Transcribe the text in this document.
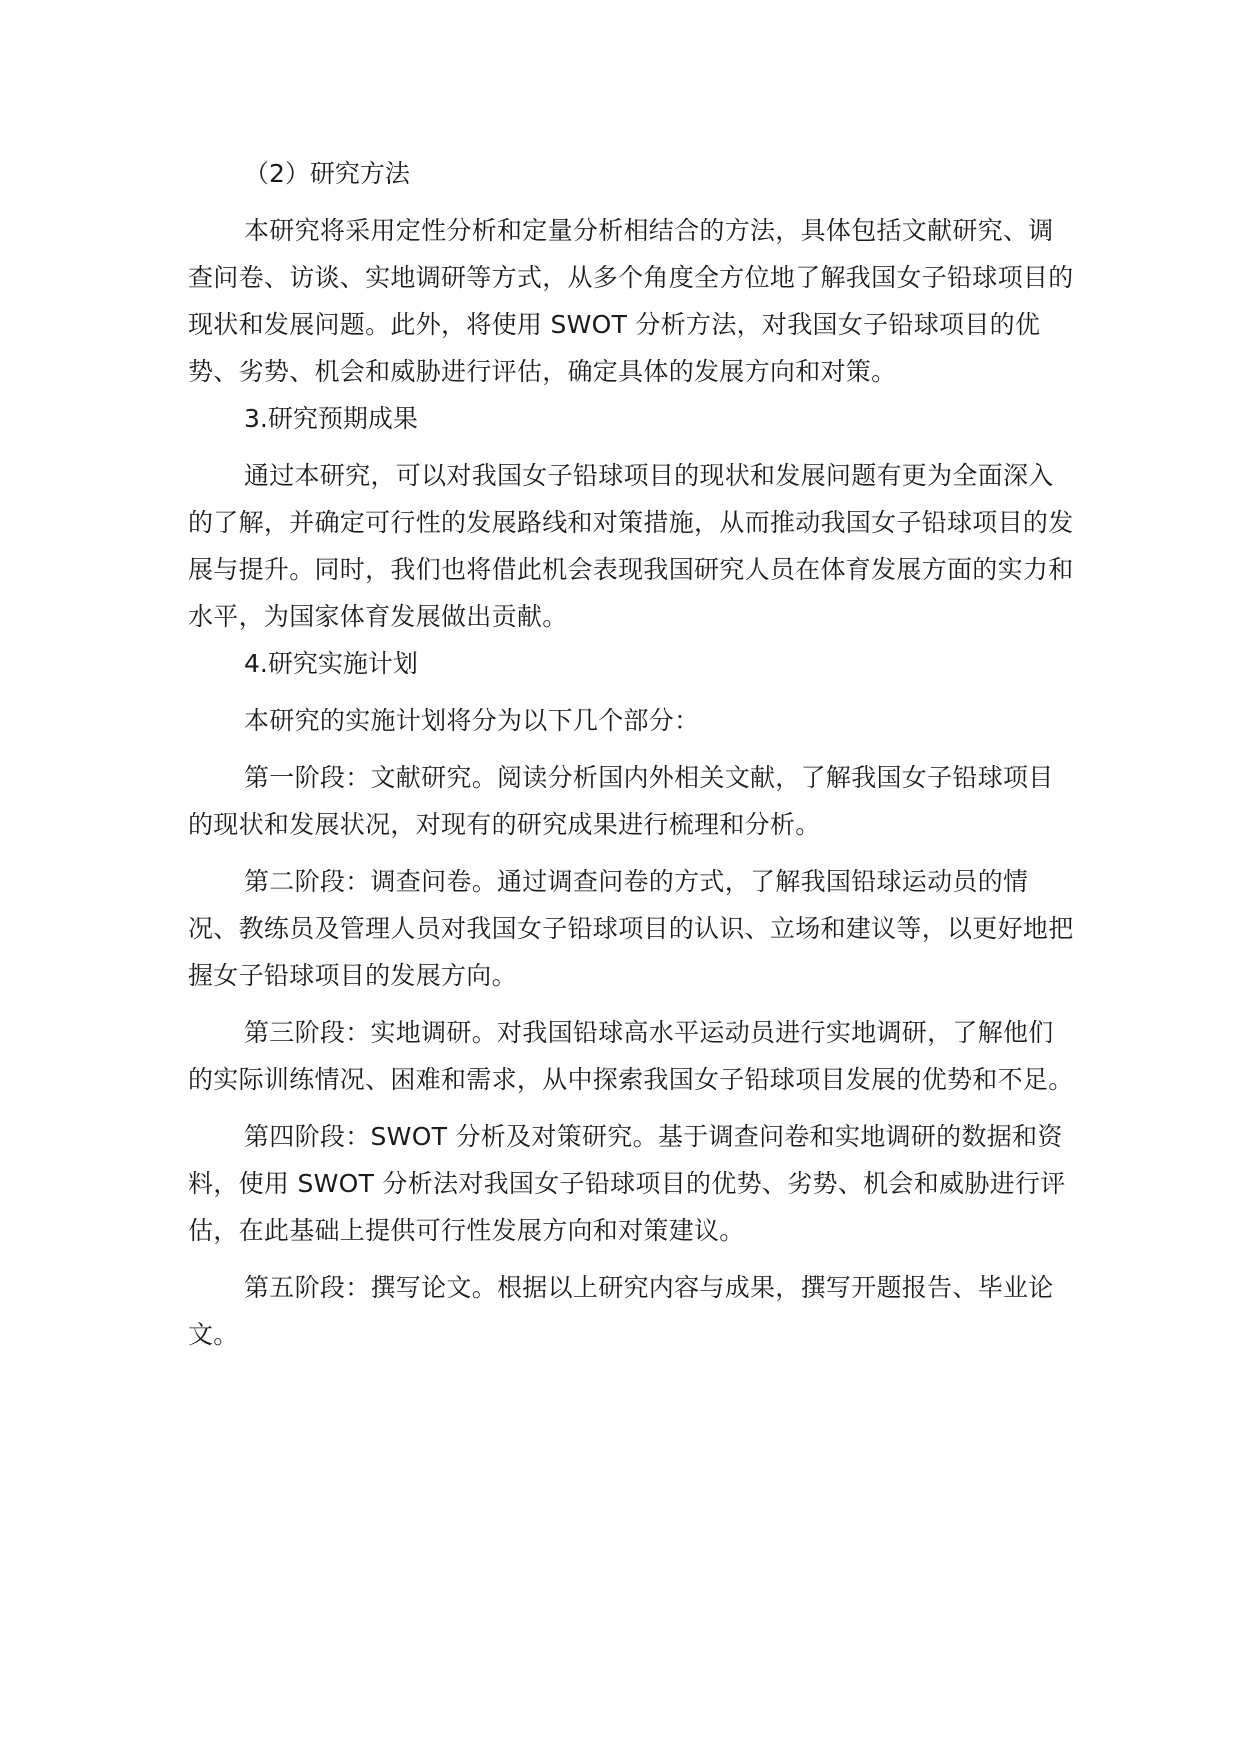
（2）研究方法

本研究将采用定性分析和定量分析相结合的方法，具体包括文献研究、调查问卷、访谈、实地调研等方式，从多个角度全方位地了解我国女子铅球项目的现状和发展问题。此外，将使用 SWOT 分析方法，对我国女子铅球项目的优势、劣势、机会和威胁进行评估，确定具体的发展方向和对策。

3.研究预期成果

通过本研究，可以对我国女子铅球项目的现状和发展问题有更为全面深入的了解，并确定可行性的发展路线和对策措施，从而推动我国女子铅球项目的发展与提升。同时，我们也将借此机会表现我国研究人员在体育发展方面的实力和水平，为国家体育发展做出贡献。

4.研究实施计划

本研究的实施计划将分为以下几个部分：

第一阶段：文献研究。阅读分析国内外相关文献，了解我国女子铅球项目的现状和发展状况，对现有的研究成果进行梳理和分析。

第二阶段：调查问卷。通过调查问卷的方式，了解我国铅球运动员的情况、教练员及管理人员对我国女子铅球项目的认识、立场和建议等，以更好地把握女子铅球项目的发展方向。

第三阶段：实地调研。对我国铅球高水平运动员进行实地调研，了解他们的实际训练情况、困难和需求，从中探索我国女子铅球项目发展的优势和不足。

第四阶段：SWOT 分析及对策研究。基于调查问卷和实地调研的数据和资料，使用 SWOT 分析法对我国女子铅球项目的优势、劣势、机会和威胁进行评估，在此基础上提供可行性发展方向和对策建议。

第五阶段：撰写论文。根据以上研究内容与成果，撰写开题报告、毕业论文。
